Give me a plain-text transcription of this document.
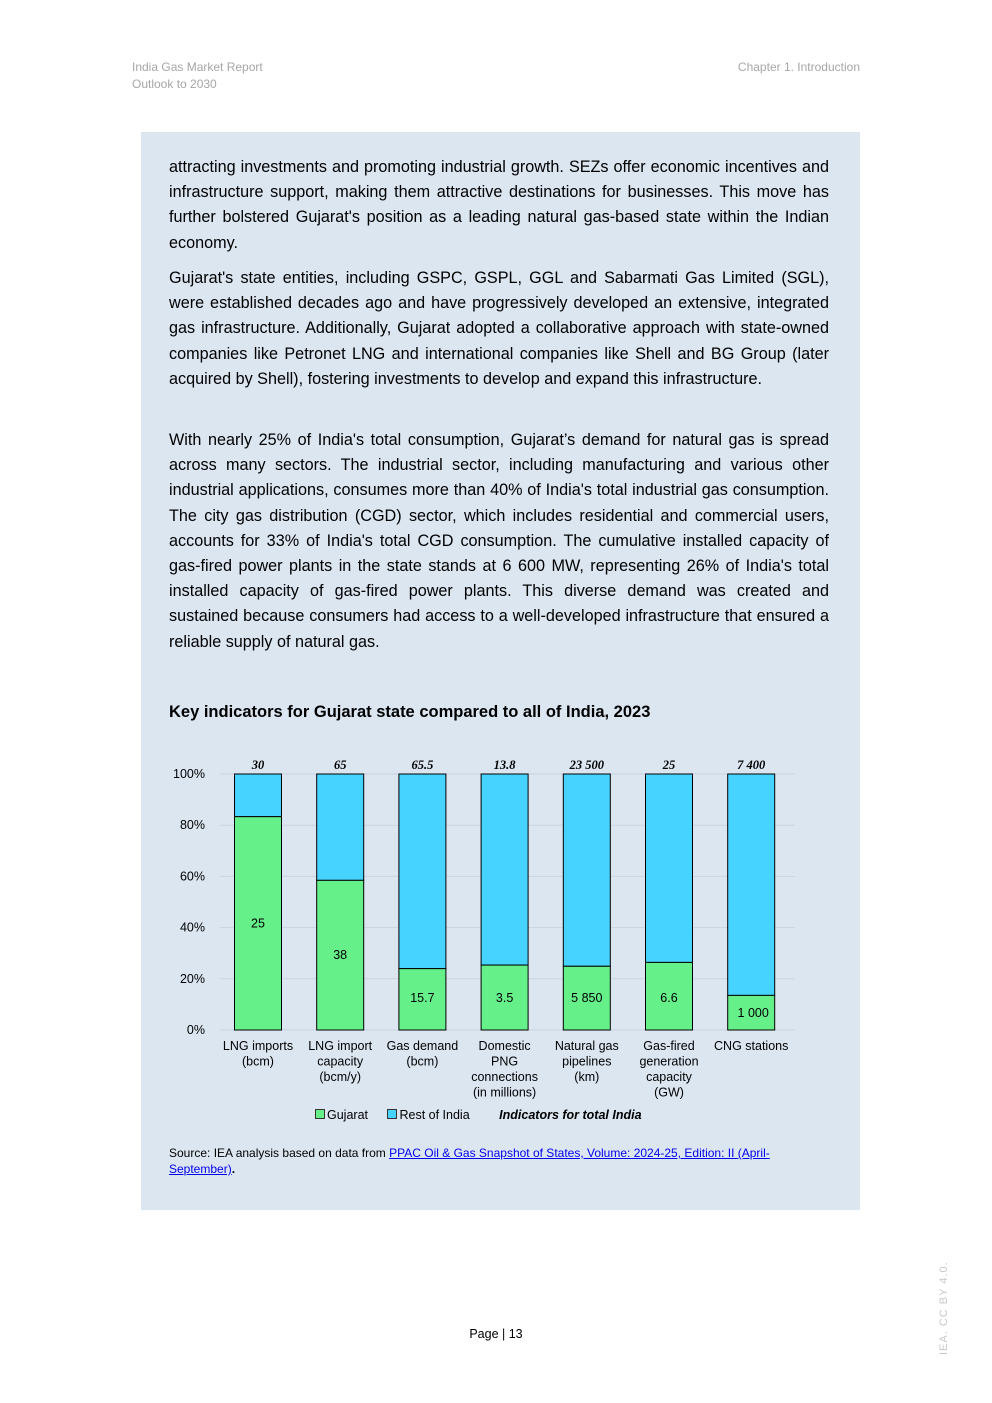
India Gas Market Report
Outlook to 2030
Chapter 1. Introduction
attracting investments and promoting industrial growth. SEZs offer economic incentives and infrastructure support, making them attractive destinations for businesses. This move has further bolstered Gujarat's position as a leading natural gas-based state within the Indian economy.
Gujarat's state entities, including GSPC, GSPL, GGL and Sabarmati Gas Limited (SGL), were established decades ago and have progressively developed an extensive, integrated gas infrastructure. Additionally, Gujarat adopted a collaborative approach with state-owned companies like Petronet LNG and international companies like Shell and BG Group (later acquired by Shell), fostering investments to develop and expand this infrastructure.
With nearly 25% of India's total consumption, Gujarat’s demand for natural gas is spread across many sectors. The industrial sector, including manufacturing and various other industrial applications, consumes more than 40% of India's total industrial gas consumption. The city gas distribution (CGD) sector, which includes residential and commercial users, accounts for 33% of India's total CGD consumption. The cumulative installed capacity of gas-fired power plants in the state stands at 6 600 MW, representing 26% of India's total installed capacity of gas-fired power plants. This diverse demand was created and sustained because consumers had access to a well-developed infrastructure that ensured a reliable supply of natural gas.
Key indicators for Gujarat state compared to all of India, 2023
0%
20%
40%
60%
80%
100%
25
30
LNG imports
(bcm)
38
65
LNG import
capacity
(bcm/y)
15.7
65.5
Gas demand
(bcm)
3.5
13.8
Domestic
PNG
connections
(in millions)
5 850
23 500
Natural gas
pipelines
(km)
6.6
25
Gas-fired
generation
capacity
(GW)
1 000
7 400
CNG stations
Gujarat	Rest of India Indicators for total India
Source: IEA analysis based on data from PPAC Oil & Gas Snapshot of States, Volume: 2024-25, Edition: II (April-September).
Page | 13	IEA. CC BY 4.0.
